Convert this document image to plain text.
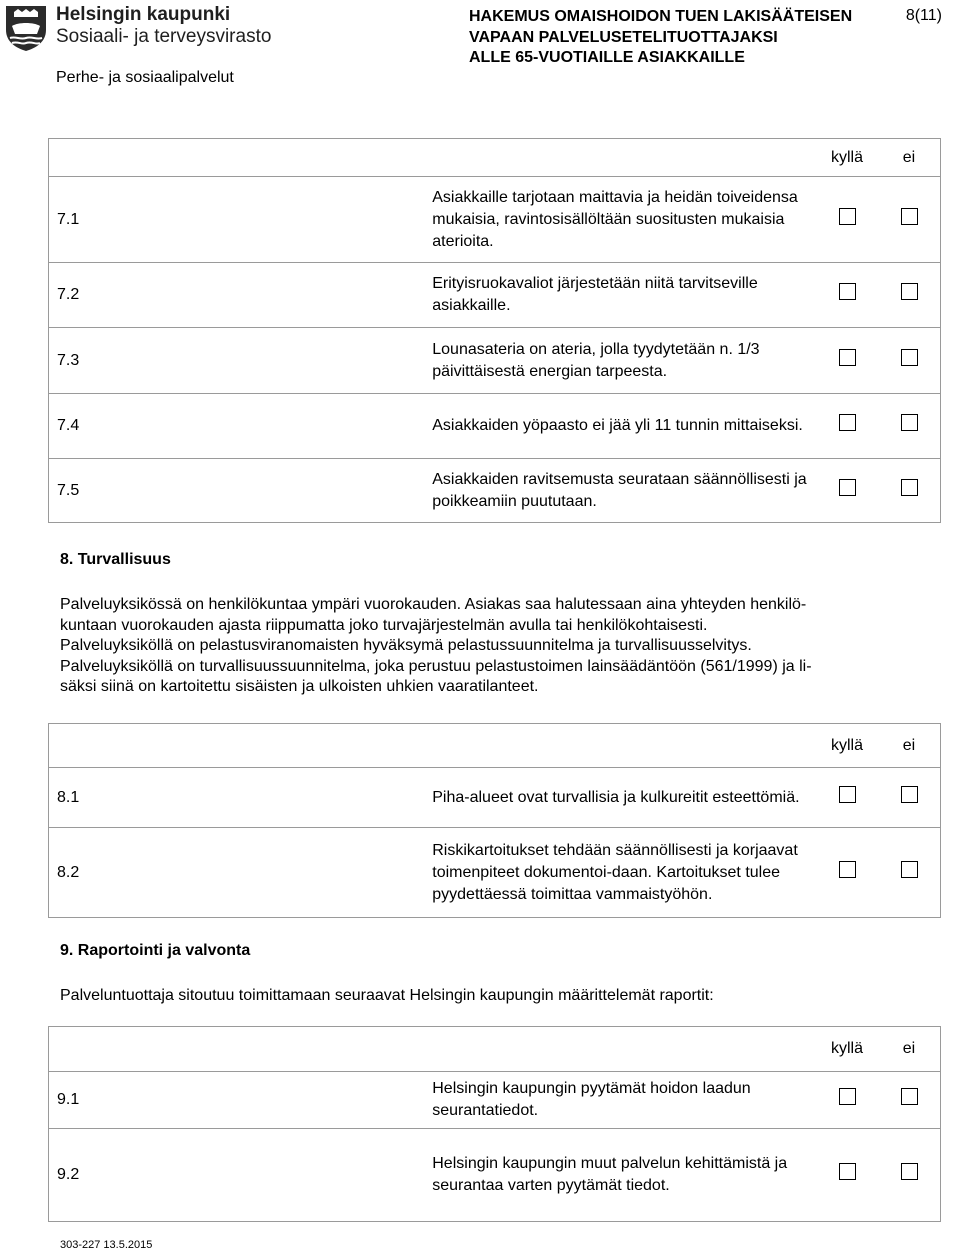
Helsingin kaupunki
Sosiaali- ja terveysvirasto
Perhe- ja sosiaalipalvelut
HAKEMUS OMAISHOIDON TUEN LAKISÄÄTEISEN
VAPAAN PALVELUSETELITUOTTAJAKSI
ALLE 65-VUOTIAILLE ASIAKKAILLE
8(11)
		kyllä	ei
7.1	Asiakkaille tarjotaan maittavia ja heidän toiveidensa mukaisia, ravintosisällöltään suositusten mukaisia aterioita.		
7.2	Erityisruokavaliot järjestetään niitä tarvitseville asiakkaille.		
7.3	Lounasateria on ateria, jolla tyydytetään n. 1/3 päivittäisestä energian tarpeesta.		
7.4	Asiakkaiden yöpaasto ei jää yli 11 tunnin mittaiseksi.		
7.5	Asiakkaiden ravitsemusta seurataan säännöllisesti ja poikkeamiin puututaan.		
8. Turvallisuus
Palveluyksikössä on henkilökuntaa ympäri vuorokauden. Asiakas saa halutessaan aina yhteyden henkilö-
kuntaan vuorokauden ajasta riippumatta joko turvajärjestelmän avulla tai henkilökohtaisesti.
Palveluyksiköllä on pelastusviranomaisten hyväksymä pelastussuunnitelma ja turvallisuusselvitys.
Palveluyksiköllä on turvallisuussuunnitelma, joka perustuu pelastustoimen lainsäädäntöön (561/1999) ja li-
säksi siinä on kartoitettu sisäisten ja ulkoisten uhkien vaaratilanteet.
		kyllä	ei
8.1	Piha-alueet ovat turvallisia ja kulkureitit esteettömiä.		
8.2	Riskikartoitukset tehdään säännöllisesti ja korjaavat toimenpiteet dokumentoi-daan. Kartoitukset tulee pyydettäessä toimittaa vammaistyöhön.		
9. Raportointi ja valvonta
Palveluntuottaja sitoutuu toimittamaan seuraavat Helsingin kaupungin määrittelemät raportit:
		kyllä	ei
9.1	Helsingin kaupungin pyytämät hoidon laadun seurantatiedot.		
9.2	Helsingin kaupungin muut palvelun kehittämistä ja seurantaa varten pyytämät tiedot.		
303-227 13.5.2015
